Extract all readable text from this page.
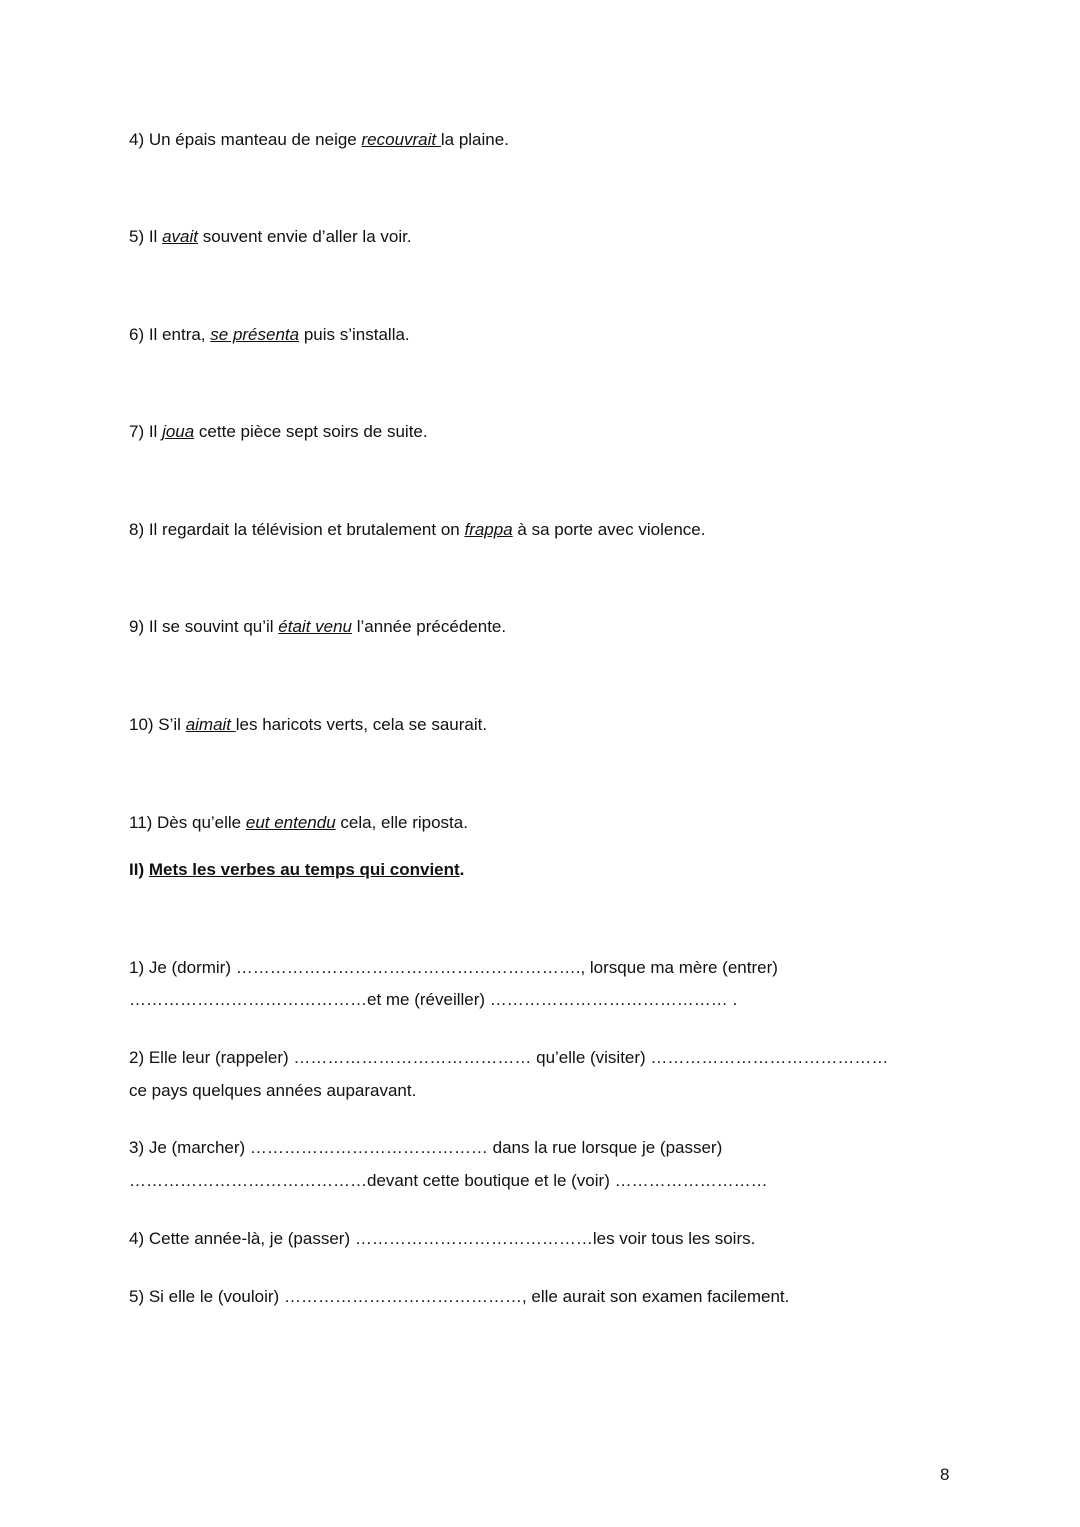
4) Un épais manteau de neige recouvrait la plaine.
5) Il avait souvent envie d’aller la voir.
6) Il entra, se présenta puis s’installa.
7) Il joua cette pièce sept soirs de suite.
8) Il regardait la télévision et brutalement on frappa à sa porte avec violence.
9) Il se souvint qu’il était venu l’année précédente.
10) S’il aimait les haricots verts, cela se saurait.
11) Dès qu’elle eut entendu cela, elle riposta.
II) Mets les verbes au temps qui convient.
1) Je (dormir) ……………………………………………………., lorsque ma mère (entrer)
……………………………………et me (réveiller) …………………………………… .
2) Elle leur (rappeler) …………………………………… qu’elle (visiter) ……………………………………
ce pays quelques années auparavant.
3) Je (marcher) …………………………………… dans la rue lorsque je (passer)
……………………………………devant cette boutique et le (voir) ………………………
4) Cette année-là, je (passer) ……………………………………les voir tous les soirs.
5) Si elle le (vouloir) ……………………………………, elle aurait son examen facilement.
8
